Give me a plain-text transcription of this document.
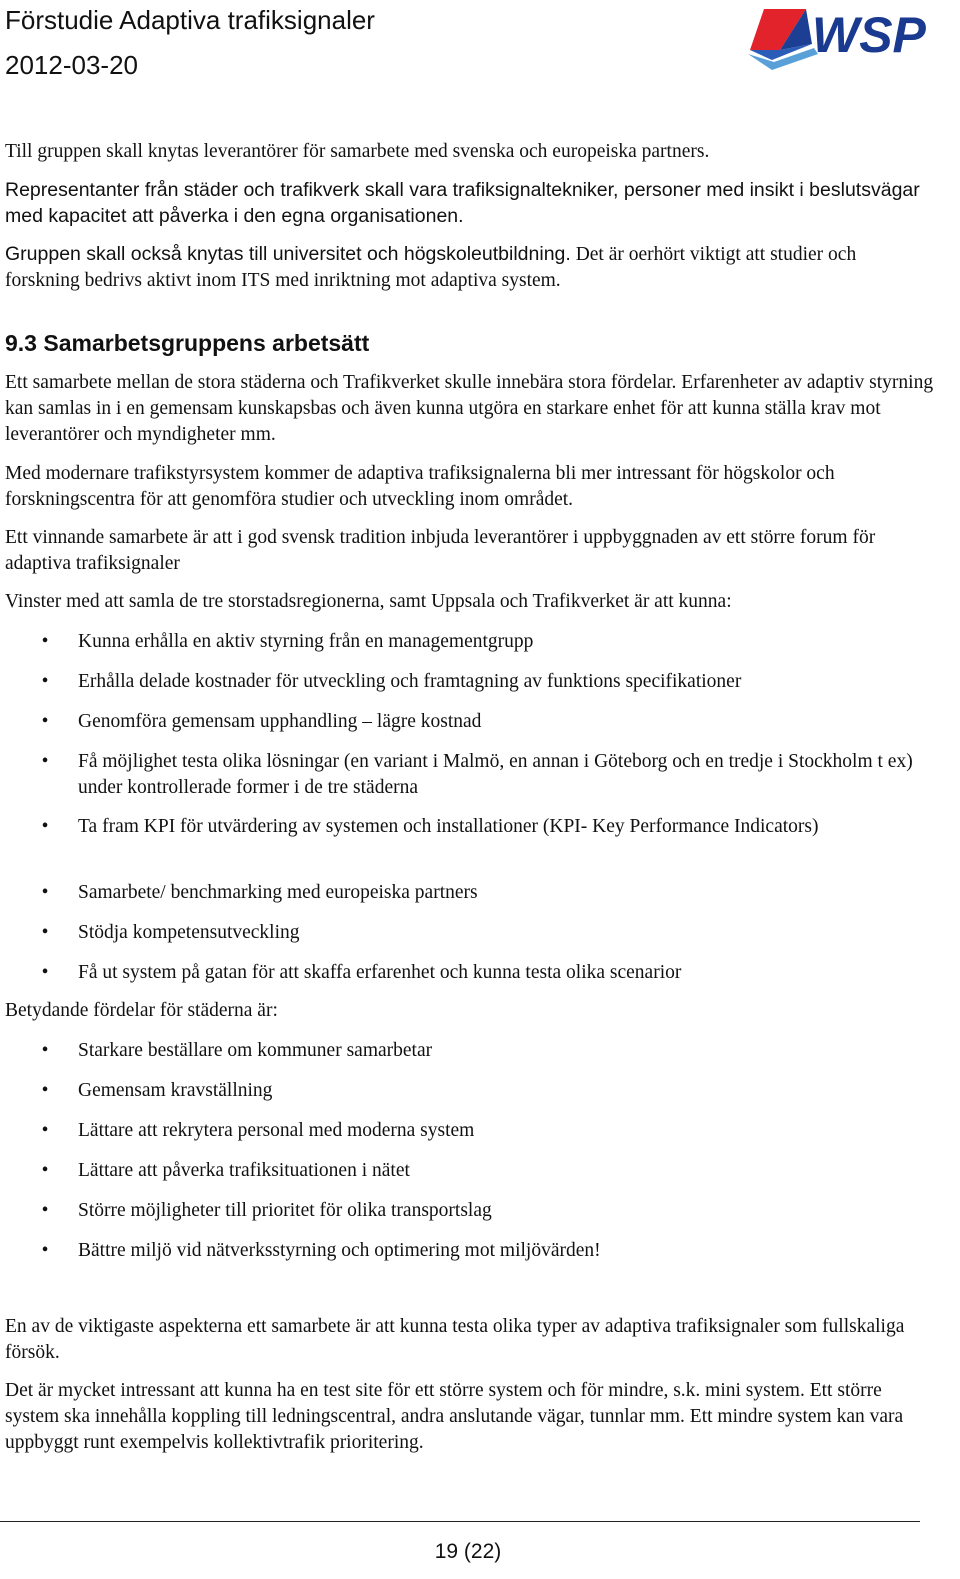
Förstudie Adaptiva trafiksignaler
2012-03-20
WSP

Till gruppen skall knytas leverantörer för samarbete med svenska och europeiska partners.

Representanter från städer och trafikverk skall vara trafiksignaltekniker, personer med insikt i beslutsvägar med kapacitet att påverka i den egna organisationen.

Gruppen skall också knytas till universitet och högskoleutbildning. Det är oerhört viktigt att studier och forskning bedrivs aktivt inom ITS med inriktning mot adaptiva system.

9.3 Samarbetsgruppens arbetsätt

Ett samarbete mellan de stora städerna och Trafikverket skulle innebära stora fördelar. Erfarenheter av adaptiv styrning kan samlas in i en gemensam kunskapsbas och även kunna utgöra en starkare enhet för att kunna ställa krav mot leverantörer och myndigheter mm.

Med modernare trafikstyrsystem kommer de adaptiva trafiksignalerna bli mer intressant för högskolor och forskningscentra för att genomföra studier och utveckling inom området.

Ett vinnande samarbete är att i god svensk tradition inbjuda leverantörer i uppbyggnaden av ett större forum för adaptiva trafiksignaler

Vinster med att samla de tre storstadsregionerna, samt Uppsala och Trafikverket är att kunna:

• Kunna erhålla en aktiv styrning från en managementgrupp

• Erhålla delade kostnader för utveckling och framtagning av funktions specifikationer

• Genomföra gemensam upphandling – lägre kostnad

• Få möjlighet testa olika lösningar (en variant i Malmö, en annan i Göteborg och en tredje i Stockholm t ex) under kontrollerade former i de tre städerna

• Ta fram KPI för utvärdering av systemen och installationer (KPI- Key Performance Indicators)

• Samarbete/ benchmarking med europeiska partners

• Stödja kompetensutveckling

• Få ut system på gatan för att skaffa erfarenhet och kunna testa olika scenarior

Betydande fördelar för städerna är:

• Starkare beställare om kommuner samarbetar

• Gemensam kravställning

• Lättare att rekrytera personal med moderna system

• Lättare att påverka trafiksituationen i nätet

• Större möjligheter till prioritet för olika transportslag

• Bättre miljö vid nätverksstyrning och optimering mot miljövärden!

En av de viktigaste aspekterna ett samarbete är att kunna testa olika typer av adaptiva trafiksignaler som fullskaliga försök.

Det är mycket intressant att kunna ha en test site för ett större system och för mindre, s.k. mini system. Ett större system ska innehålla koppling till ledningscentral, andra anslutande vägar, tunnlar mm. Ett mindre system kan vara uppbyggt runt exempelvis kollektivtrafik prioritering.

19 (22)
